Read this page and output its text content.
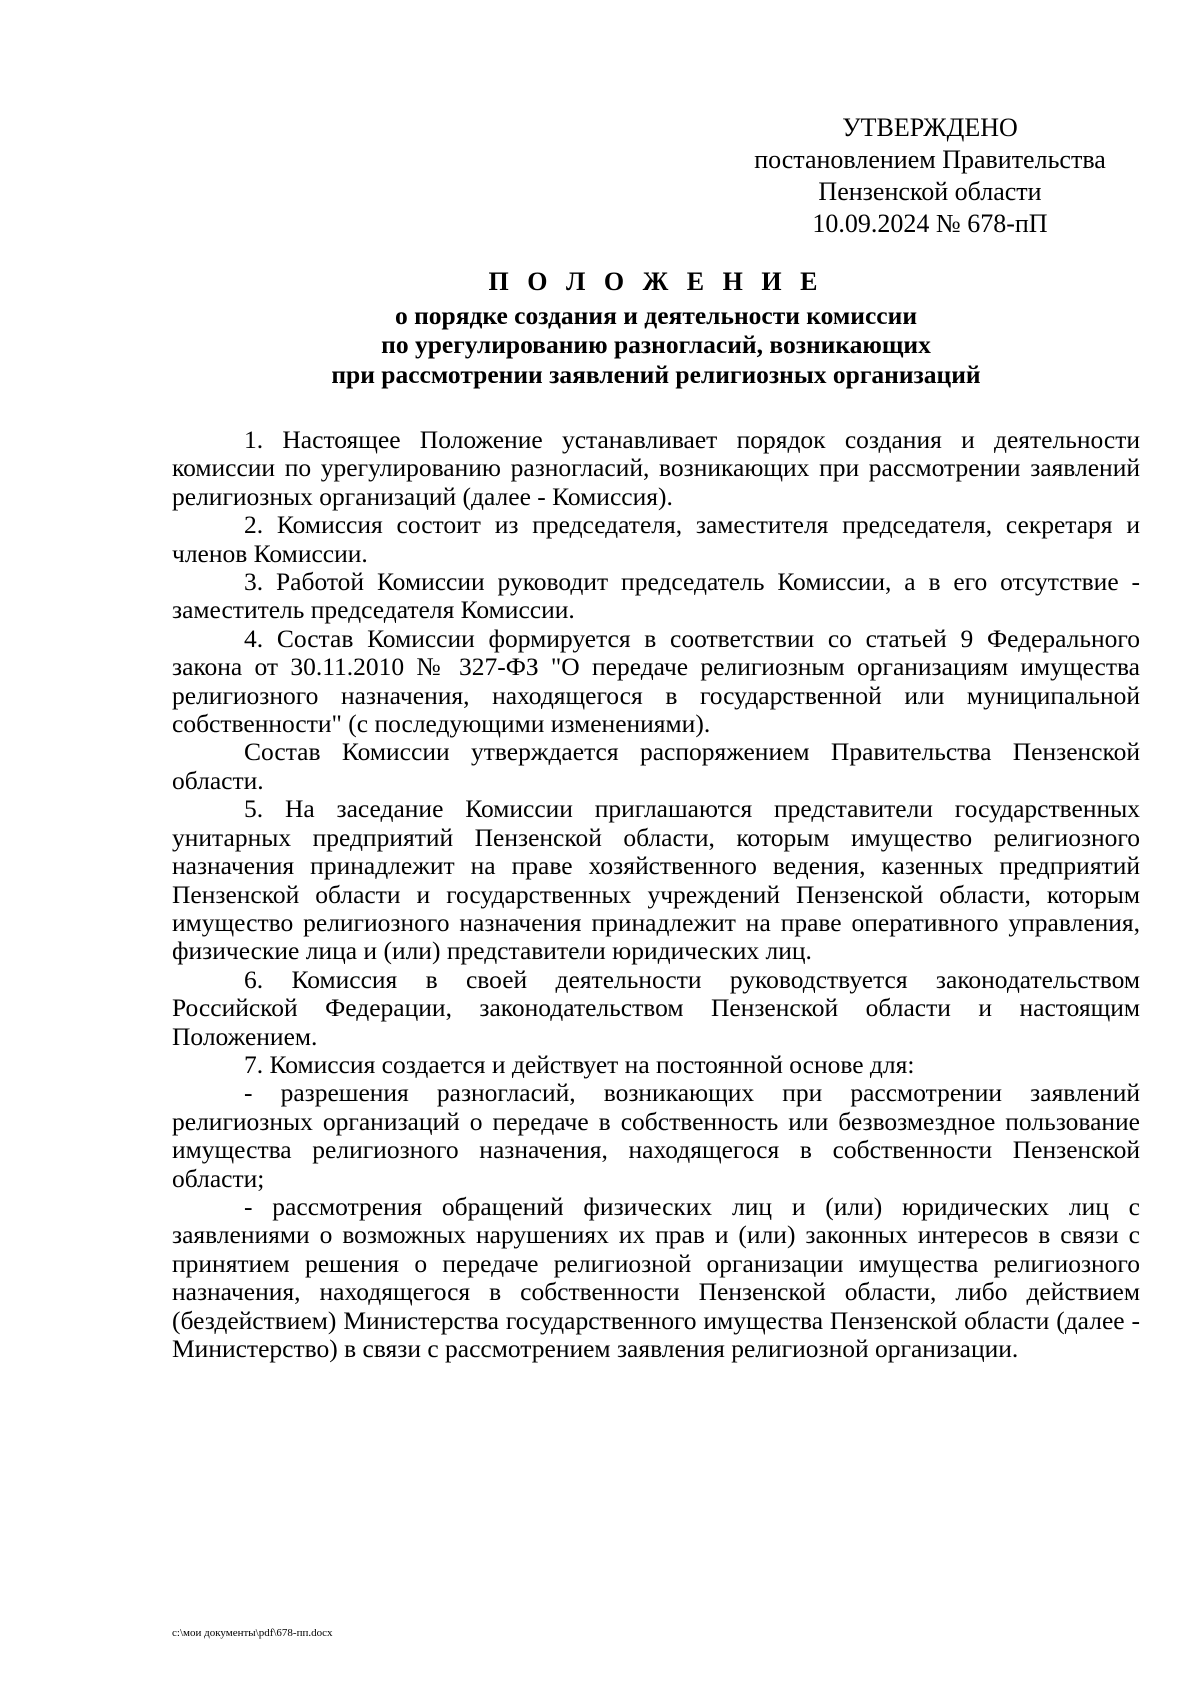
УТВЕРЖДЕНО
постановлением Правительства
Пензенской области
10.09.2024 № 678-пП
П О Л О Ж Е Н И Е
о порядке создания и деятельности комиссии
по урегулированию разногласий, возникающих
при рассмотрении заявлений религиозных организаций

1. Настоящее Положение устанавливает порядок создания и деятельности комиссии по урегулированию разногласий, возникающих при рассмотрении заявлений религиозных организаций (далее - Комиссия).

2. Комиссия состоит из председателя, заместителя председателя, секретаря и членов Комиссии.

3. Работой Комиссии руководит председатель Комиссии, а в его отсутствие - заместитель председателя Комиссии.

4. Состав Комиссии формируется в соответствии со статьей 9 Федерального закона от 30.11.2010 № 327-ФЗ "О передаче религиозным организациям имущества религиозного назначения, находящегося в государственной или муниципальной собственности" (с последующими изменениями).

Состав Комиссии утверждается распоряжением Правительства Пензенской области.

5. На заседание Комиссии приглашаются представители государственных унитарных предприятий Пензенской области, которым имущество религиозного назначения принадлежит на праве хозяйственного ведения, казенных предприятий Пензенской области и государственных учреждений Пензенской области, которым имущество религиозного назначения принадлежит на праве оперативного управления, физические лица и (или) представители юридических лиц.

6. Комиссия в своей деятельности руководствуется законодательством Российской Федерации, законодательством Пензенской области и настоящим Положением.

7. Комиссия создается и действует на постоянной основе для:

- разрешения разногласий, возникающих при рассмотрении заявлений религиозных организаций о передаче в собственность или безвозмездное пользование имущества религиозного назначения, находящегося в собственности Пензенской области;

- рассмотрения обращений физических лиц и (или) юридических лиц с заявлениями о возможных нарушениях их прав и (или) законных интересов в связи с принятием решения о передаче религиозной организации имущества религиозного назначения, находящегося в собственности Пензенской области, либо действием (бездействием) Министерства государственного имущества Пензенской области (далее - Министерство) в связи с рассмотрением заявления религиозной организации.

c:\мои документы\pdf\678-пп.docx
